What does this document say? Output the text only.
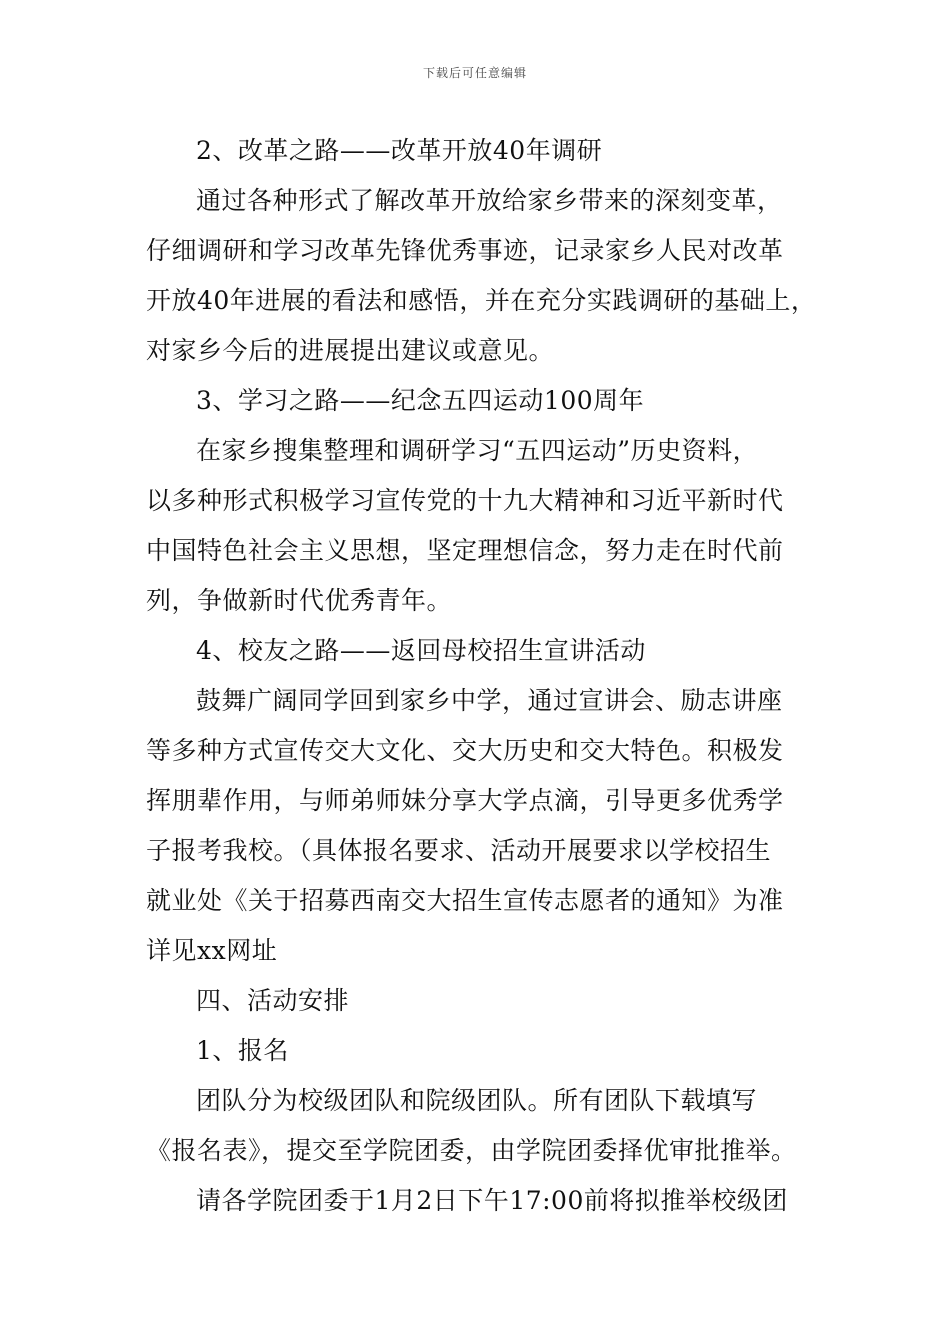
下载后可任意编辑
2、改革之路——改革开放40年调研
通过各种形式了解改革开放给家乡带来的深刻变革，
仔细调研和学习改革先锋优秀事迹，记录家乡人民对改革
开放40年进展的看法和感悟，并在充分实践调研的基础上，
对家乡今后的进展提出建议或意见。
3、学习之路——纪念五四运动100周年
在家乡搜集整理和调研学习“五四运动”历史资料，
以多种形式积极学习宣传党的十九大精神和习近平新时代
中国特色社会主义思想，坚定理想信念，努力走在时代前
列，争做新时代优秀青年。
4、校友之路——返回母校招生宣讲活动
鼓舞广阔同学回到家乡中学，通过宣讲会、励志讲座
等多种方式宣传交大文化、交大历史和交大特色。积极发
挥朋辈作用，与师弟师妹分享大学点滴，引导更多优秀学
子报考我校。（具体报名要求、活动开展要求以学校招生
就业处《关于招募西南交大招生宣传志愿者的通知》为准
详见xx网址
四、活动安排
1、报名
团队分为校级团队和院级团队。所有团队下载填写
《报名表》，提交至学院团委，由学院团委择优审批推举。
请各学院团委于1月2日下午17:00前将拟推举校级团
